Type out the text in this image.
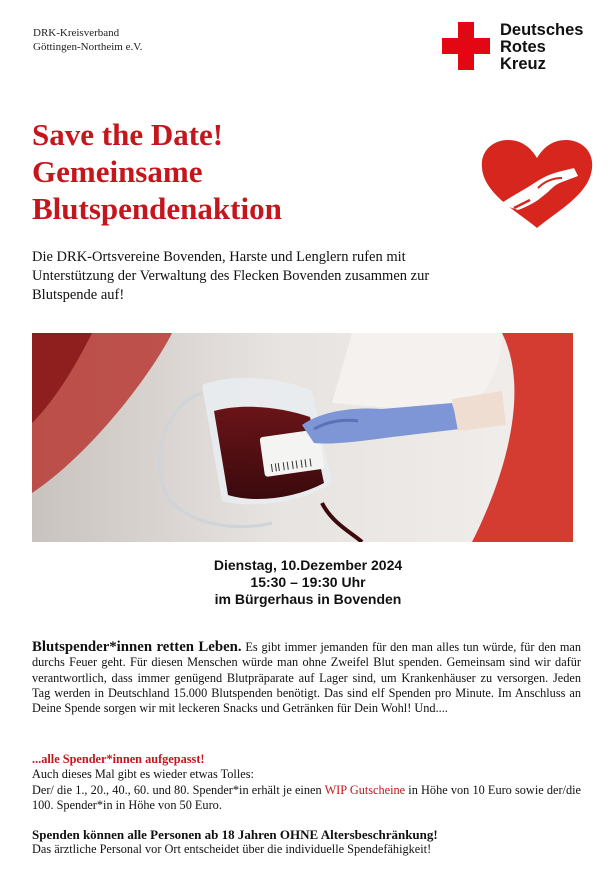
DRK-Kreisverband
Göttingen-Northeim e.V.
Deutsches
Rotes
Kreuz
Save the Date!
Gemeinsame
Blutspendenaktion
Die DRK-Ortsvereine Bovenden, Harste und Lenglern rufen mit Unterstützung der Verwaltung des Flecken Bovenden zusammen zur Blutspende auf!
Dienstag, 10.Dezember 2024
15:30 – 19:30 Uhr
im Bürgerhaus in Bovenden
Blutspender*innen retten Leben. Es gibt immer jemanden für den man alles tun würde, für den man durchs Feuer geht. Für diesen Menschen würde man ohne Zweifel Blut spenden. Gemeinsam sind wir dafür verantwortlich, dass immer genügend Blutpräparate auf Lager sind, um Krankenhäuser zu versorgen. Jeden Tag werden in Deutschland 15.000 Blutspenden benötigt. Das sind elf Spenden pro Minute. Im Anschluss an Deine Spende sorgen wir mit leckeren Snacks und Getränken für Dein Wohl! Und....
...alle Spender*innen aufgepasst!
Auch dieses Mal gibt es wieder etwas Tolles:
Der/ die 1., 20., 40., 60. und 80. Spender*in erhält je einen WIP Gutscheine in Höhe von 10 Euro sowie der/die 100. Spender*in in Höhe von 50 Euro.
Spenden können alle Personen ab 18 Jahren OHNE Altersbeschränkung!
Das ärztliche Personal vor Ort entscheidet über die individuelle Spendefähigkeit!
